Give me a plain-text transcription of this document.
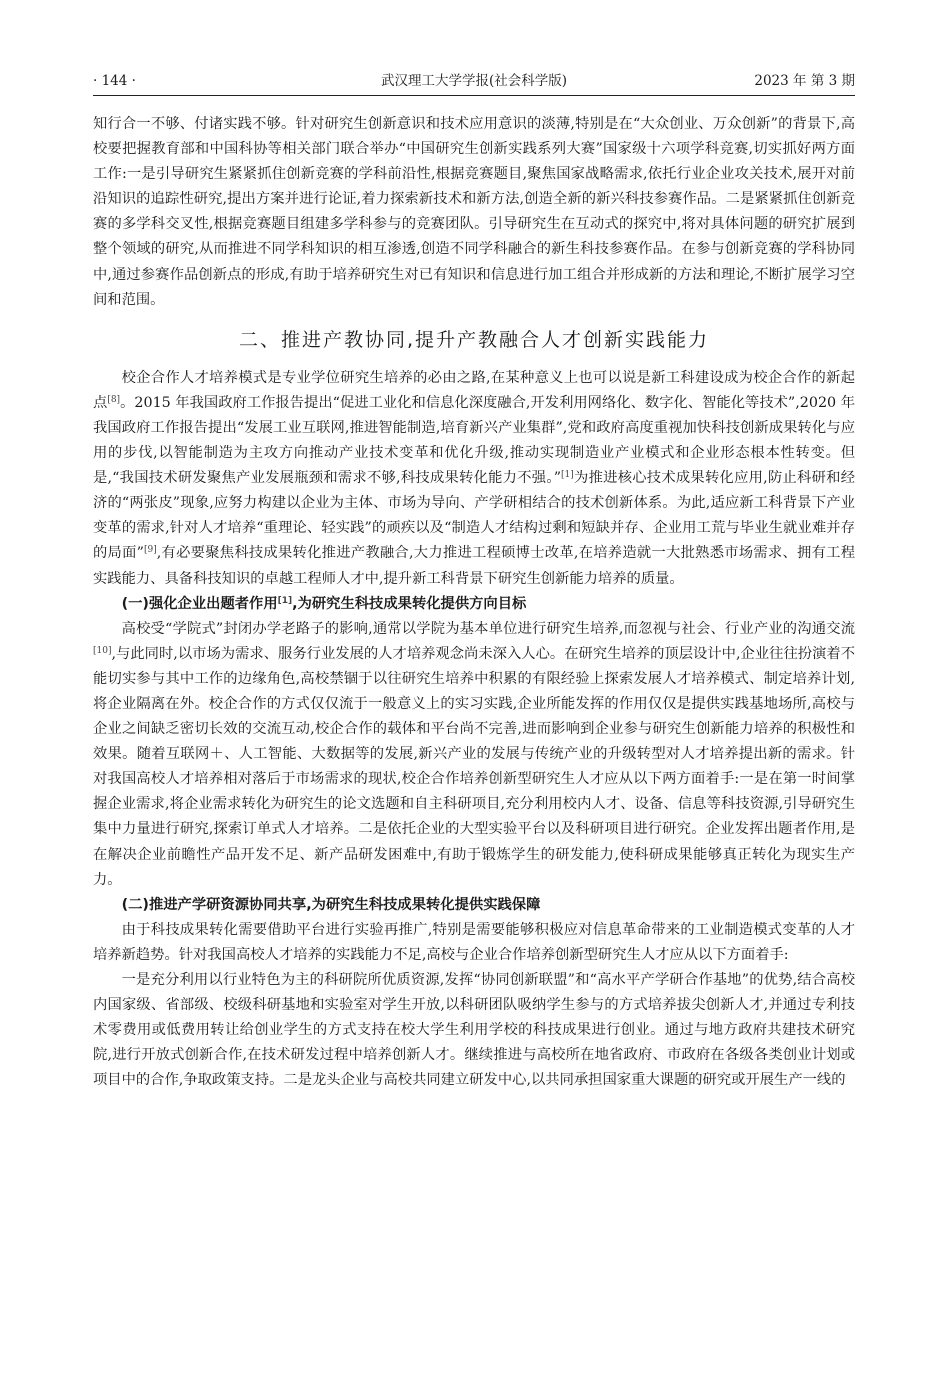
· 144 ·	武汉理工大学学报(社会科学版)	2023 年 第 3 期

知行合一不够、付诸实践不够。针对研究生创新意识和技术应用意识的淡薄,特别是在“大众创业、万众创新”的背景下,高校要把握教育部和中国科协等相关部门联合举办“中国研究生创新实践系列大赛”国家级十六项学科竞赛,切实抓好两方面工作:一是引导研究生紧紧抓住创新竞赛的学科前沿性,根据竞赛题目,聚焦国家战略需求,依托行业企业攻关技术,展开对前沿知识的追踪性研究,提出方案并进行论证,着力探索新技术和新方法,创造全新的新兴科技参赛作品。二是紧紧抓住创新竞赛的多学科交叉性,根据竞赛题目组建多学科参与的竞赛团队。引导研究生在互动式的探究中,将对具体问题的研究扩展到整个领域的研究,从而推进不同学科知识的相互渗透,创造不同学科融合的新生科技参赛作品。在参与创新竞赛的学科协同中,通过参赛作品创新点的形成,有助于培养研究生对已有知识和信息进行加工组合并形成新的方法和理论,不断扩展学习空间和范围。

二、推进产教协同,提升产教融合人才创新实践能力

校企合作人才培养模式是专业学位研究生培养的必由之路,在某种意义上也可以说是新工科建设成为校企合作的新起点[8]。2015 年我国政府工作报告提出“促进工业化和信息化深度融合,开发利用网络化、数字化、智能化等技术”,2020 年我国政府工作报告提出“发展工业互联网,推进智能制造,培育新兴产业集群”,党和政府高度重视加快科技创新成果转化与应用的步伐,以智能制造为主攻方向推动产业技术变革和优化升级,推动实现制造业产业模式和企业形态根本性转变。但是,“我国技术研发聚焦产业发展瓶颈和需求不够,科技成果转化能力不强。”[1]为推进核心技术成果转化应用,防止科研和经济的“两张皮”现象,应努力构建以企业为主体、市场为导向、产学研相结合的技术创新体系。为此,适应新工科背景下产业变革的需求,针对人才培养“重理论、轻实践”的顽疾以及“制造人才结构过剩和短缺并存、企业用工荒与毕业生就业难并存的局面”[9],有必要聚焦科技成果转化推进产教融合,大力推进工程硕博士改革,在培养造就一大批熟悉市场需求、拥有工程实践能力、具备科技知识的卓越工程师人才中,提升新工科背景下研究生创新能力培养的质量。

(一)强化企业出题者作用[1],为研究生科技成果转化提供方向目标

高校受“学院式”封闭办学老路子的影响,通常以学院为基本单位进行研究生培养,而忽视与社会、行业产业的沟通交流[10],与此同时,以市场为需求、服务行业发展的人才培养观念尚未深入人心。在研究生培养的顶层设计中,企业往往扮演着不能切实参与其中工作的边缘角色,高校禁锢于以往研究生培养中积累的有限经验上探索发展人才培养模式、制定培养计划,将企业隔离在外。校企合作的方式仅仅流于一般意义上的实习实践,企业所能发挥的作用仅仅是提供实践基地场所,高校与企业之间缺乏密切长效的交流互动,校企合作的载体和平台尚不完善,进而影响到企业参与研究生创新能力培养的积极性和效果。随着互联网＋、人工智能、大数据等的发展,新兴产业的发展与传统产业的升级转型对人才培养提出新的需求。针对我国高校人才培养相对落后于市场需求的现状,校企合作培养创新型研究生人才应从以下两方面着手:一是在第一时间掌握企业需求,将企业需求转化为研究生的论文选题和自主科研项目,充分利用校内人才、设备、信息等科技资源,引导研究生集中力量进行研究,探索订单式人才培养。二是依托企业的大型实验平台以及科研项目进行研究。企业发挥出题者作用,是在解决企业前瞻性产品开发不足、新产品研发困难中,有助于锻炼学生的研发能力,使科研成果能够真正转化为现实生产力。

(二)推进产学研资源协同共享,为研究生科技成果转化提供实践保障

由于科技成果转化需要借助平台进行实验再推广,特别是需要能够积极应对信息革命带来的工业制造模式变革的人才培养新趋势。针对我国高校人才培养的实践能力不足,高校与企业合作培养创新型研究生人才应从以下方面着手:

一是充分利用以行业特色为主的科研院所优质资源,发挥“协同创新联盟”和“高水平产学研合作基地”的优势,结合高校内国家级、省部级、校级科研基地和实验室对学生开放,以科研团队吸纳学生参与的方式培养拔尖创新人才,并通过专利技术零费用或低费用转让给创业学生的方式支持在校大学生利用学校的科技成果进行创业。通过与地方政府共建技术研究院,进行开放式创新合作,在技术研发过程中培养创新人才。继续推进与高校所在地省政府、市政府在各级各类创业计划或项目中的合作,争取政策支持。二是龙头企业与高校共同建立研发中心,以共同承担国家重大课题的研究或开展生产一线的
